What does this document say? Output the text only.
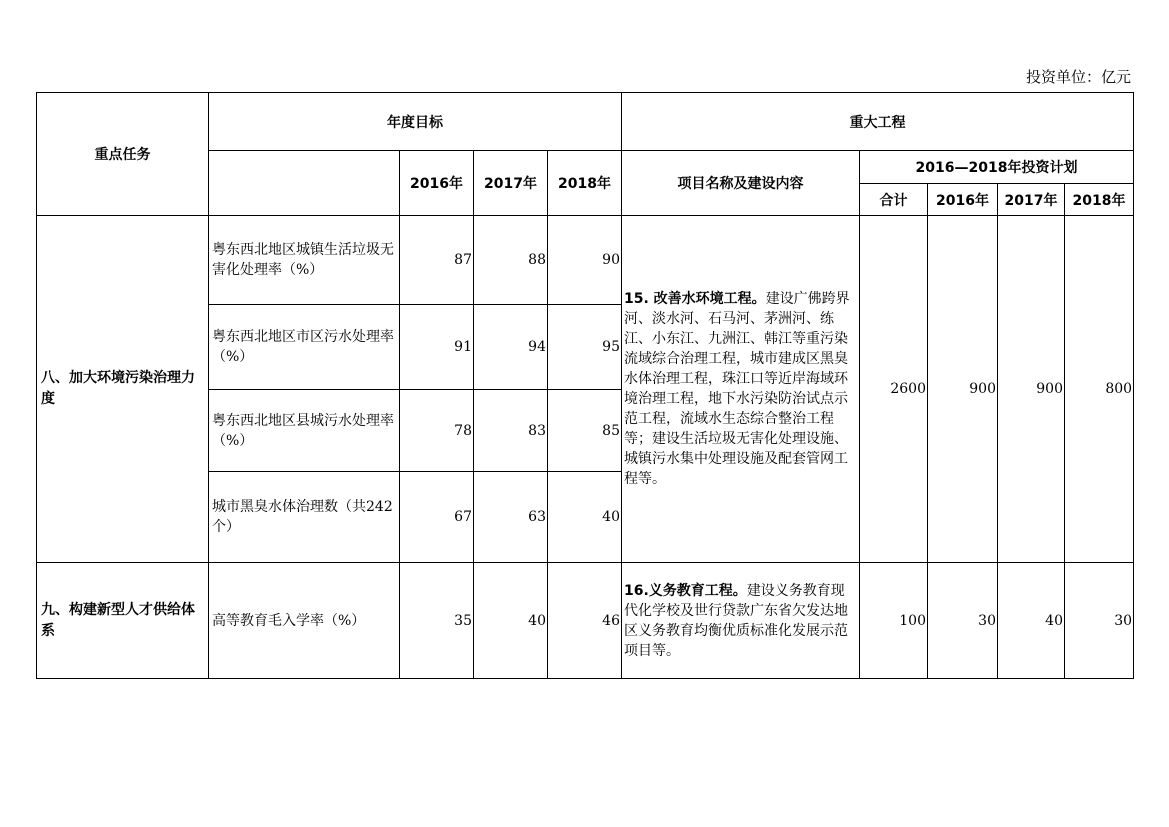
投资单位：亿元
重点任务	年度目标				重大工程				
		2016年	2017年	2018年	项目名称及建设内容	2016—2018年投资计划			
						合计	2016年	2017年	2018年
八、加大环境污染治理力度	粤东西北地区城镇生活垃圾无害化处理率（%）	87	88	90	15. 改善水环境工程。建设广佛跨界河、淡水河、石马河、茅洲河、练江、小东江、九洲江、韩江等重污染流域综合治理工程，城市建成区黑臭水体治理工程，珠江口等近岸海域环境治理工程，地下水污染防治试点示范工程，流域水生态综合整治工程等；建设生活垃圾无害化处理设施、城镇污水集中处理设施及配套管网工程等。	2600	900	900	800
	粤东西北地区市区污水处理率（%）	91	94	95					
	粤东西北地区县城污水处理率（%）	78	83	85					
	城市黑臭水体治理数（共242个）	67	63	40					
九、构建新型人才供给体系	高等教育毛入学率（%）	35	40	46	16.义务教育工程。建设义务教育现代化学校及世行贷款广东省欠发达地区义务教育均衡优质标准化发展示范项目等。	100	30	40	30
